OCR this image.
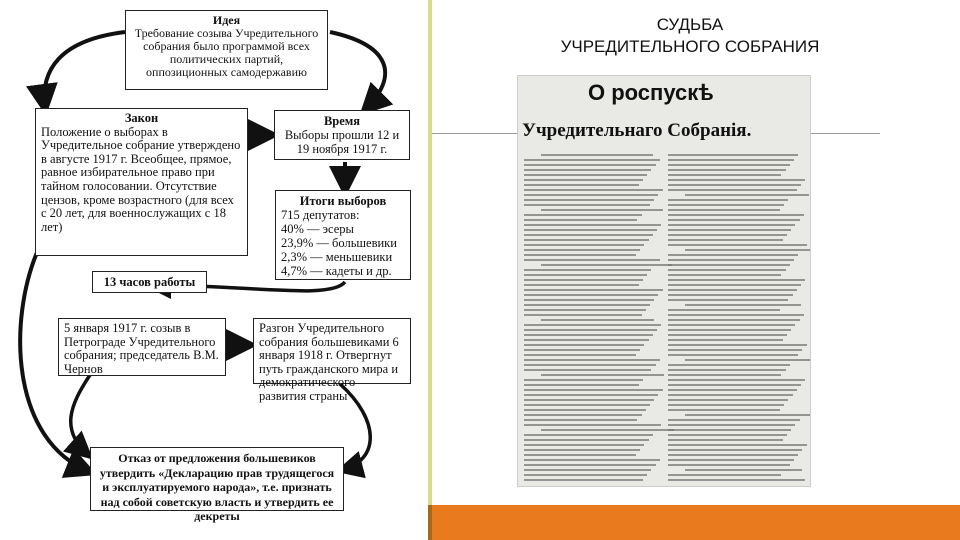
Идея
Требование созыва Учредительного собрания было программой всех политических партий, оппозиционных самодержавию
Закон
Положение о выборах в Учредительное собрание утверждено в августе 1917 г. Всеобщее, прямое, равное избирательное право при тайном голосовании. Отсутствие цензов, кроме возрастного (для всех с 20 лет, для военнослужащих с 18 лет)
Время
Выборы прошли 12 и 19 ноября 1917 г.
Итоги выборов
715 депутатов:
40% — эсеры
23,9% — большевики
2,3% — меньшевики
4,7% — кадеты и др.
13 часов работы
5 января 1917 г. созыв в Петрограде Учредительного собрания; председатель В.М. Чернов
Разгон Учредительного собрания большевиками 6 января 1918 г. Отвергнут путь гражданского мира и демократического развития страны
Отказ от предложения большевиков утвердить «Декларацию прав трудящегося и эксплуатируемого народа», т.е. признать над собой советскую власть и утвердить ее декреты
СУДЬБА
УЧРЕДИТЕЛЬНОГО СОБРАНИЯ
О роспускѣ
Учредительнаго Собранія.
